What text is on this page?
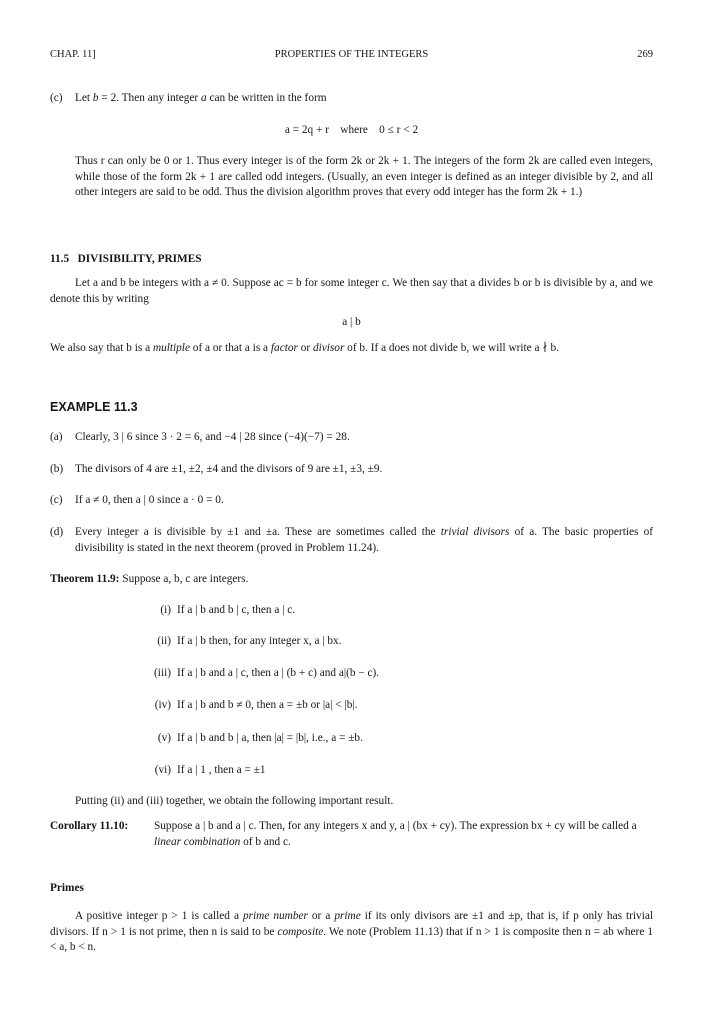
CHAP. 11]	PROPERTIES OF THE INTEGERS	269
(c) Let b = 2. Then any integer a can be written in the form
a = 2q + r    where    0 ≤ r < 2
Thus r can only be 0 or 1. Thus every integer is of the form 2k or 2k + 1. The integers of the form 2k are called even integers, while those of the form 2k + 1 are called odd integers. (Usually, an even integer is defined as an integer divisible by 2, and all other integers are said to be odd. Thus the division algorithm proves that every odd integer has the form 2k + 1.)
11.5   DIVISIBILITY, PRIMES
Let a and b be integers with a ≠ 0. Suppose ac = b for some integer c. We then say that a divides b or b is divisible by a, and we denote this by writing
a | b
We also say that b is a multiple of a or that a is a factor or divisor of b. If a does not divide b, we will write a ∤ b.
EXAMPLE 11.3
(a) Clearly, 3 | 6 since 3 · 2 = 6, and −4 | 28 since (−4)(−7) = 28.
(b) The divisors of 4 are ±1, ±2, ±4 and the divisors of 9 are ±1, ±3, ±9.
(c) If a ≠ 0, then a | 0 since a · 0 = 0.
(d) Every integer a is divisible by ±1 and ±a. These are sometimes called the trivial divisors of a. The basic properties of divisibility is stated in the next theorem (proved in Problem 11.24).
Theorem 11.9: Suppose a, b, c are integers.
(i) If a | b and b | c, then a | c.
(ii) If a | b then, for any integer x, a | bx.
(iii) If a | b and a | c, then a | (b + c) and a|(b − c).
(iv) If a | b and b ≠ 0, then a = ±b or |a| < |b|.
(v) If a | b and b | a, then |a| = |b|, i.e., a = ±b.
(vi) If a | 1 , then a = ±1
Putting (ii) and (iii) together, we obtain the following important result.
Corollary 11.10: Suppose a | b and a | c. Then, for any integers x and y, a | (bx + cy). The expression bx + cy will be called a linear combination of b and c.
Primes
A positive integer p > 1 is called a prime number or a prime if its only divisors are ±1 and ±p, that is, if p only has trivial divisors. If n > 1 is not prime, then n is said to be composite. We note (Problem 11.13) that if n > 1 is composite then n = ab where 1 < a, b < n.
